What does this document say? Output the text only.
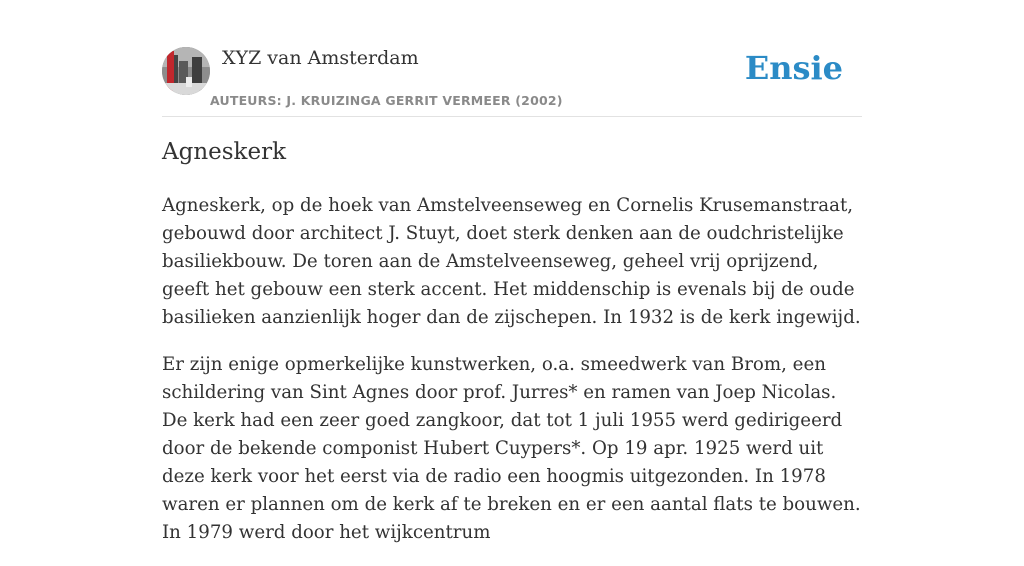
XYZ van Amsterdam
AUTEURS: J. KRUIZINGA GERRIT VERMEER (2002)
Ensie
Agneskerk

Agneskerk, op de hoek van Amstelveenseweg en Cornelis Krusemanstraat, gebouwd door architect J. Stuyt, doet sterk denken aan de oudchristelijke basiliekbouw. De toren aan de Amstelveenseweg, geheel vrij oprijzend, geeft het gebouw een sterk accent. Het middenschip is evenals bij de oude basilieken aanzienlijk hoger dan de zijschepen. In 1932 is de kerk ingewijd.

Er zijn enige opmerkelijke kunstwerken, o.a. smeedwerk van Brom, een schildering van Sint Agnes door prof. Jurres* en ramen van Joep Nicolas. De kerk had een zeer goed zangkoor, dat tot 1 juli 1955 werd gedirigeerd door de bekende componist Hubert Cuypers*. Op 19 apr. 1925 werd uit deze kerk voor het eerst via de radio een hoogmis uitgezonden. In 1978 waren er plannen om de kerk af te breken en er een aantal flats te bouwen. In 1979 werd door het wijkcentrum
